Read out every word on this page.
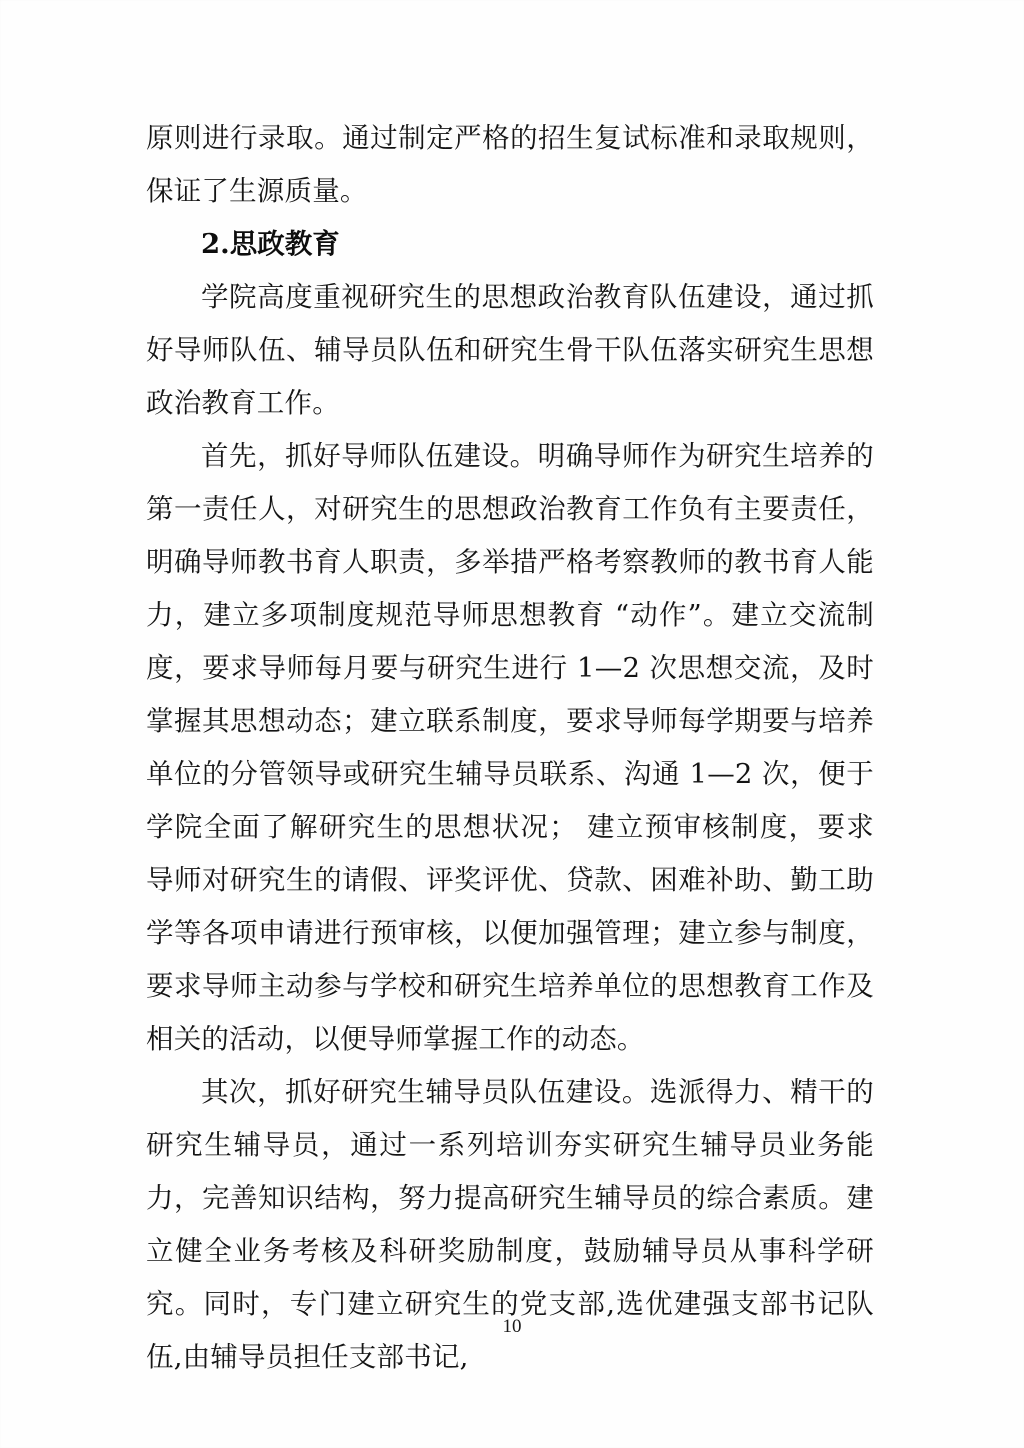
原则进行录取。通过制定严格的招生复试标准和录取规则，保证了生源质量。

2.思政教育

学院高度重视研究生的思想政治教育队伍建设，通过抓好导师队伍、辅导员队伍和研究生骨干队伍落实研究生思想政治教育工作。

首先，抓好导师队伍建设。明确导师作为研究生培养的第一责任人，对研究生的思想政治教育工作负有主要责任，明确导师教书育人职责，多举措严格考察教师的教书育人能力，建立多项制度规范导师思想教育 “动作”。建立交流制度，要求导师每月要与研究生进行 1—2 次思想交流，及时掌握其思想动态；建立联系制度，要求导师每学期要与培养单位的分管领导或研究生辅导员联系、沟通 1—2 次，便于学院全面了解研究生的思想状况； 建立预审核制度，要求导师对研究生的请假、评奖评优、贷款、困难补助、勤工助学等各项申请进行预审核，以便加强管理；建立参与制度，要求导师主动参与学校和研究生培养单位的思想教育工作及相关的活动，以便导师掌握工作的动态。

其次，抓好研究生辅导员队伍建设。选派得力、精干的研究生辅导员，通过一系列培训夯实研究生辅导员业务能力，完善知识结构，努力提高研究生辅导员的综合素质。建立健全业务考核及科研奖励制度，鼓励辅导员从事科学研究。同时，专门建立研究生的党支部,选优建强支部书记队伍,由辅导员担任支部书记,

10
